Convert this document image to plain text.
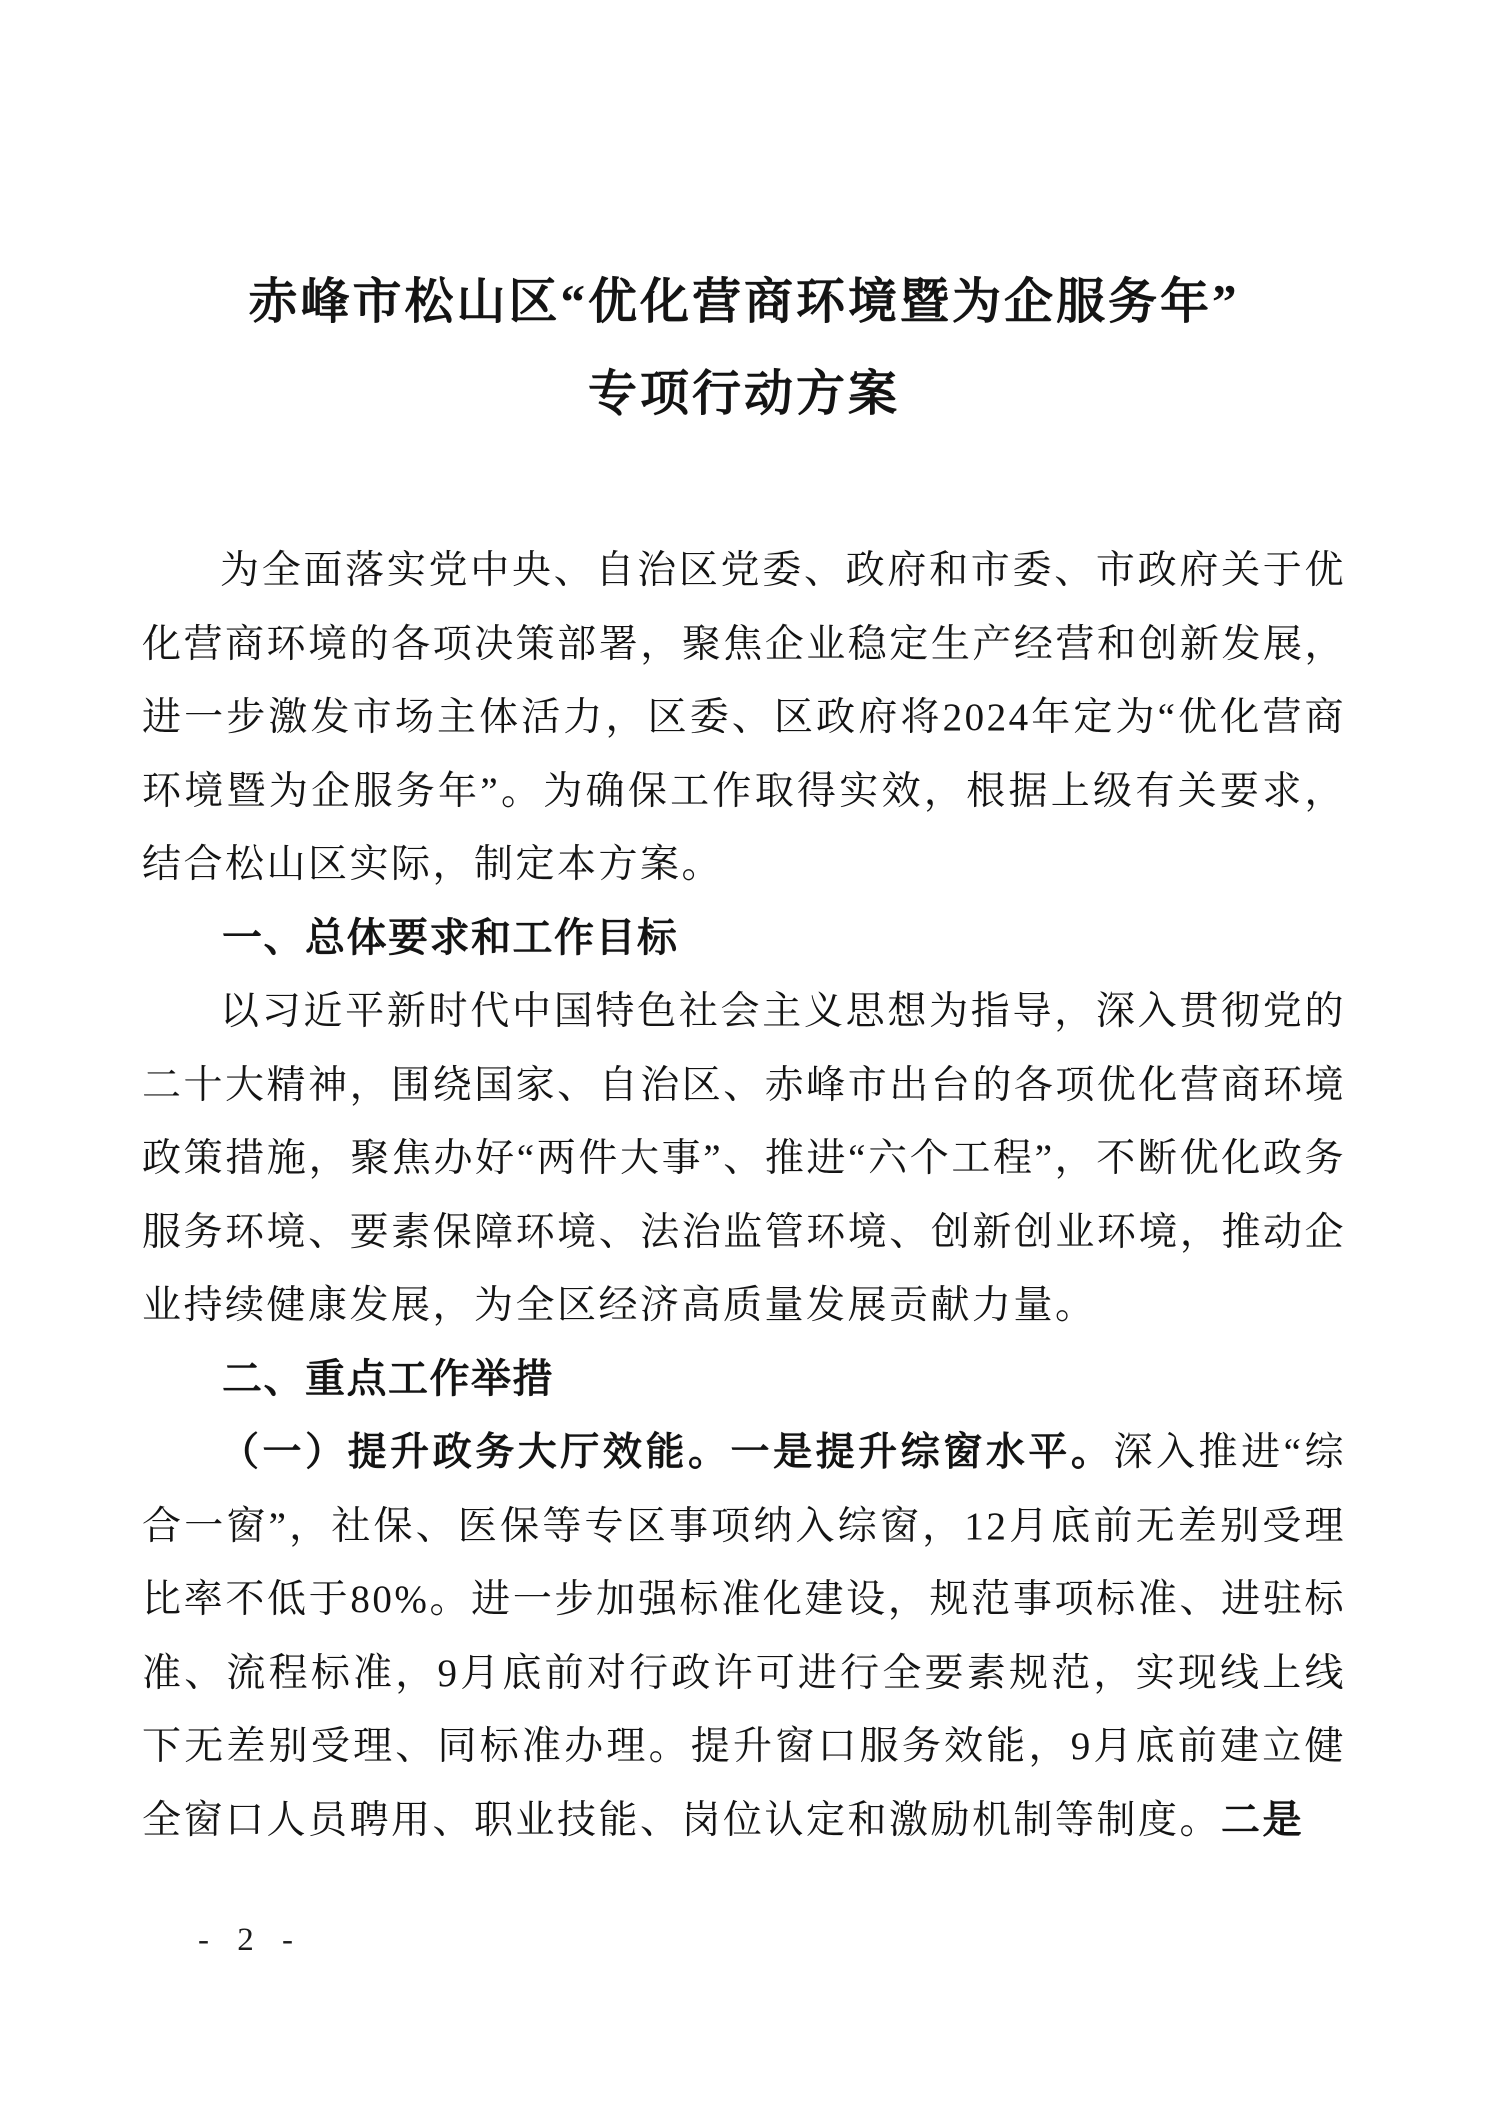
赤峰市松山区“优化营商环境暨为企服务年”
专项行动方案

为全面落实党中央、自治区党委、政府和市委、市政府关于优化营商环境的各项决策部署，聚焦企业稳定生产经营和创新发展，进一步激发市场主体活力，区委、区政府将2024年定为“优化营商环境暨为企服务年”。为确保工作取得实效，根据上级有关要求，结合松山区实际，制定本方案。

一、总体要求和工作目标

以习近平新时代中国特色社会主义思想为指导，深入贯彻党的二十大精神，围绕国家、自治区、赤峰市出台的各项优化营商环境政策措施，聚焦办好“两件大事”、推进“六个工程”，不断优化政务服务环境、要素保障环境、法治监管环境、创新创业环境，推动企业持续健康发展，为全区经济高质量发展贡献力量。

二、重点工作举措

（一）提升政务大厅效能。一是提升综窗水平。深入推进“综合一窗”，社保、医保等专区事项纳入综窗，12月底前无差别受理比率不低于80%。进一步加强标准化建设，规范事项标准、进驻标准、流程标准，9月底前对行政许可进行全要素规范，实现线上线下无差别受理、同标准办理。提升窗口服务效能，9月底前建立健全窗口人员聘用、职业技能、岗位认定和激励机制等制度。二是

- 2 -
